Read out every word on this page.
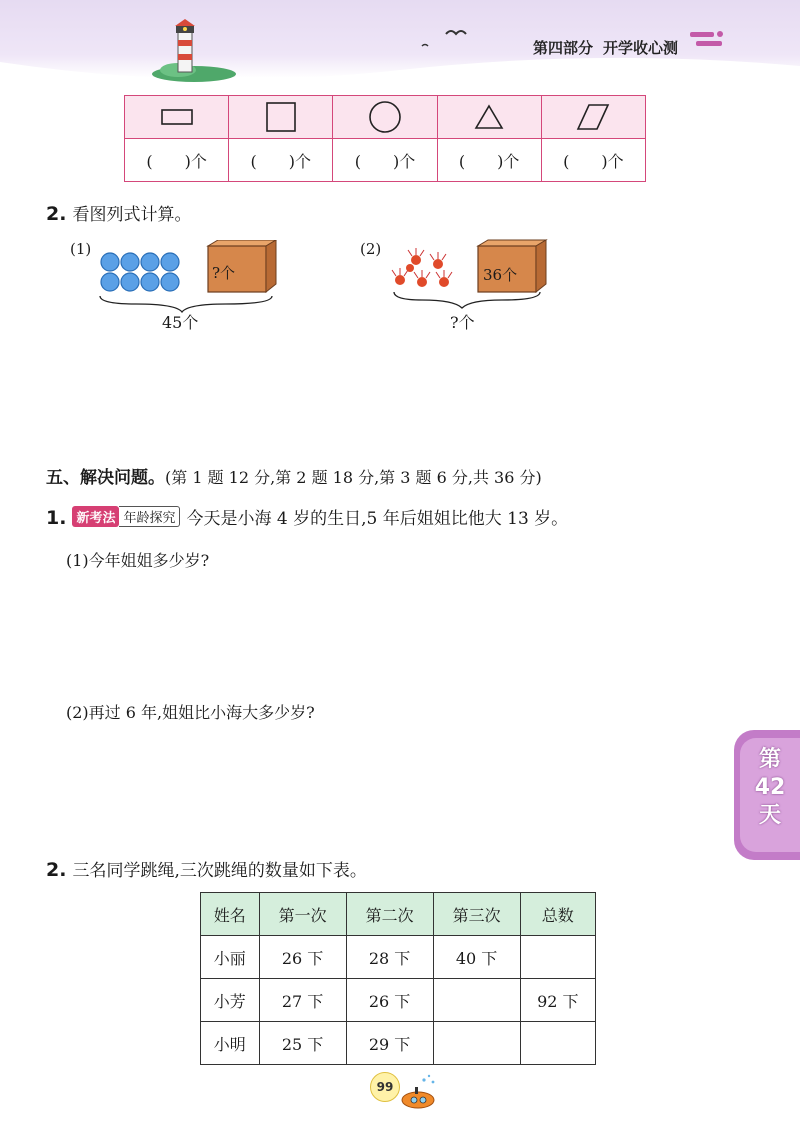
第四部分 开学收心测

(　　)个	(　　)个	(　　)个	(　　)个	(　　)个
2. 看图列式计算。
(1)
?个
45个
(2)
36个
?个
五、解决问题。(第 1 题 12 分,第 2 题 18 分,第 3 题 6 分,共 36 分)
1. 新考法 年龄探究 今天是小海 4 岁的生日,5 年后姐姐比他大 13 岁。
(1)今年姐姐多少岁?
(2)再过 6 年,姐姐比小海大多少岁?
第
42
天
2. 三名同学跳绳,三次跳绳的数量如下表。
姓名	第一次	第二次	第三次	总数
小丽	26 下	28 下	40 下	
小芳	27 下	26 下		92 下
小明	25 下	29 下		
99
